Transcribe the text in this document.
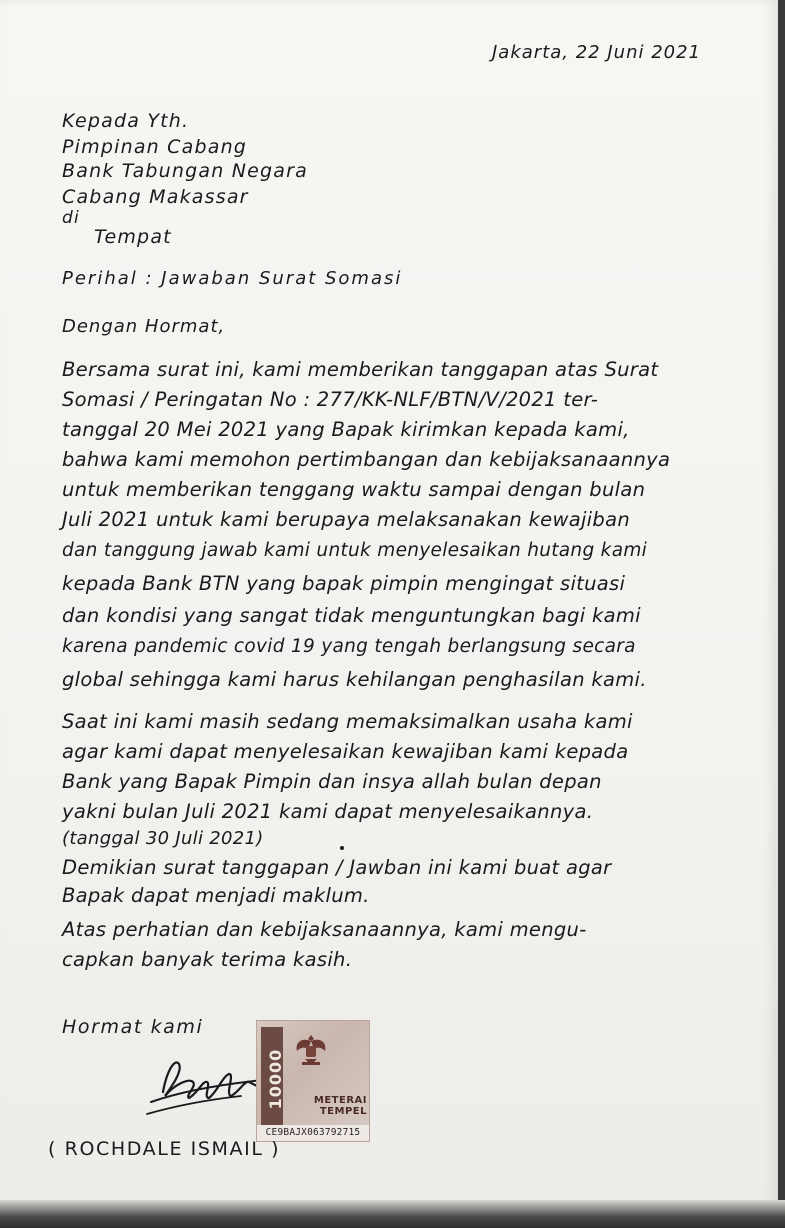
Jakarta, 22 Juni 2021
Kepada Yth.
Pimpinan Cabang
Bank Tabungan Negara
Cabang Makassar
di
Tempat
Perihal : Jawaban Surat Somasi
Dengan Hormat,
Bersama surat ini, kami memberikan tanggapan atas Surat
Somasi / Peringatan No : 277/KK-NLF/BTN/V/2021 ter-
tanggal 20 Mei 2021 yang Bapak kirimkan kepada kami,
bahwa kami memohon pertimbangan dan kebijaksanaannya
untuk memberikan tenggang waktu sampai dengan bulan
Juli 2021 untuk kami berupaya melaksanakan kewajiban
dan tanggung jawab kami untuk menyelesaikan hutang kami
kepada Bank BTN yang bapak pimpin mengingat situasi
dan kondisi yang sangat tidak menguntungkan bagi kami
karena pandemic covid 19 yang tengah berlangsung secara
global sehingga kami harus kehilangan penghasilan kami.
Saat ini kami masih sedang memaksimalkan usaha kami
agar kami dapat menyelesaikan kewajiban kami kepada
Bank yang Bapak Pimpin dan insya allah bulan depan
yakni bulan Juli 2021 kami dapat menyelesaikannya.
(tanggal 30 Juli 2021)
Demikian surat tanggapan / Jawban ini kami buat agar
Bapak dapat menjadi maklum.
Atas perhatian dan kebijaksanaannya, kami mengu-
capkan banyak terima kasih.
Hormat kami
10000	METERAI
TEMPEL
CE9BAJX063792715
( ROCHDALE ISMAIL )
